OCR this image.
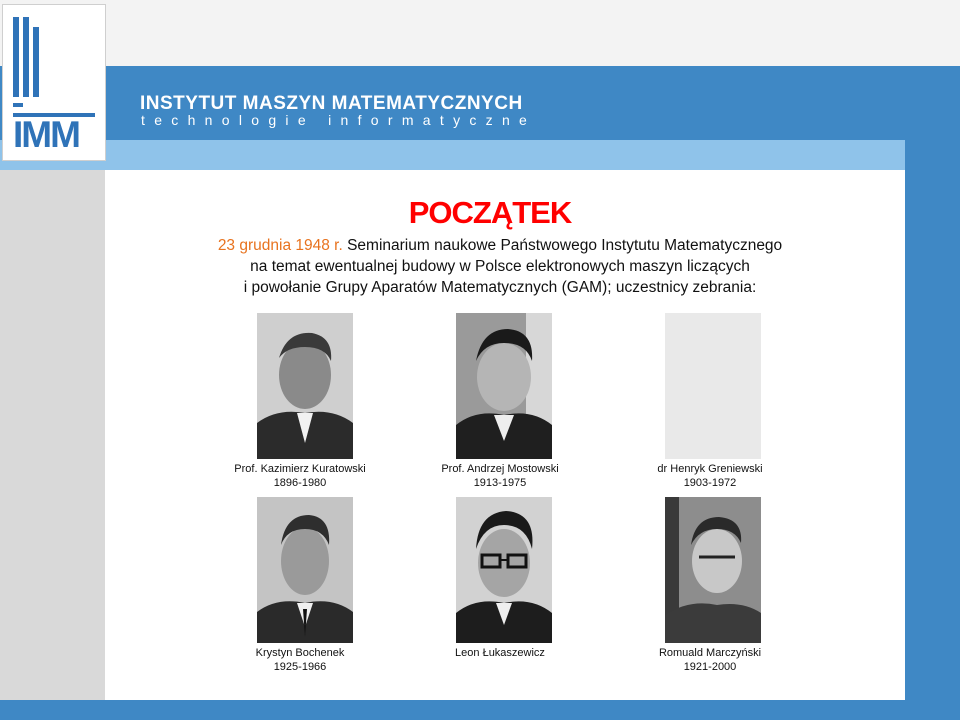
IMM
INSTYTUT MASZYN MATEMATYCZNYCH
technologie informatyczne
POCZĄTEK
23 grudnia 1948 r. Seminarium naukowe Państwowego Instytutu Matematycznego
na temat ewentualnej budowy w Polsce elektronowych maszyn liczących
i powołanie Grupy Aparatów Matematycznych (GAM); uczestnicy zebrania:
Prof. Kazimierz Kuratowski
1896-1980
Prof. Andrzej Mostowski
1913-1975
dr Henryk Greniewski
1903-1972
Krystyn Bochenek
1925-1966
Leon Łukaszewicz	Romuald Marczyński
1921-2000
